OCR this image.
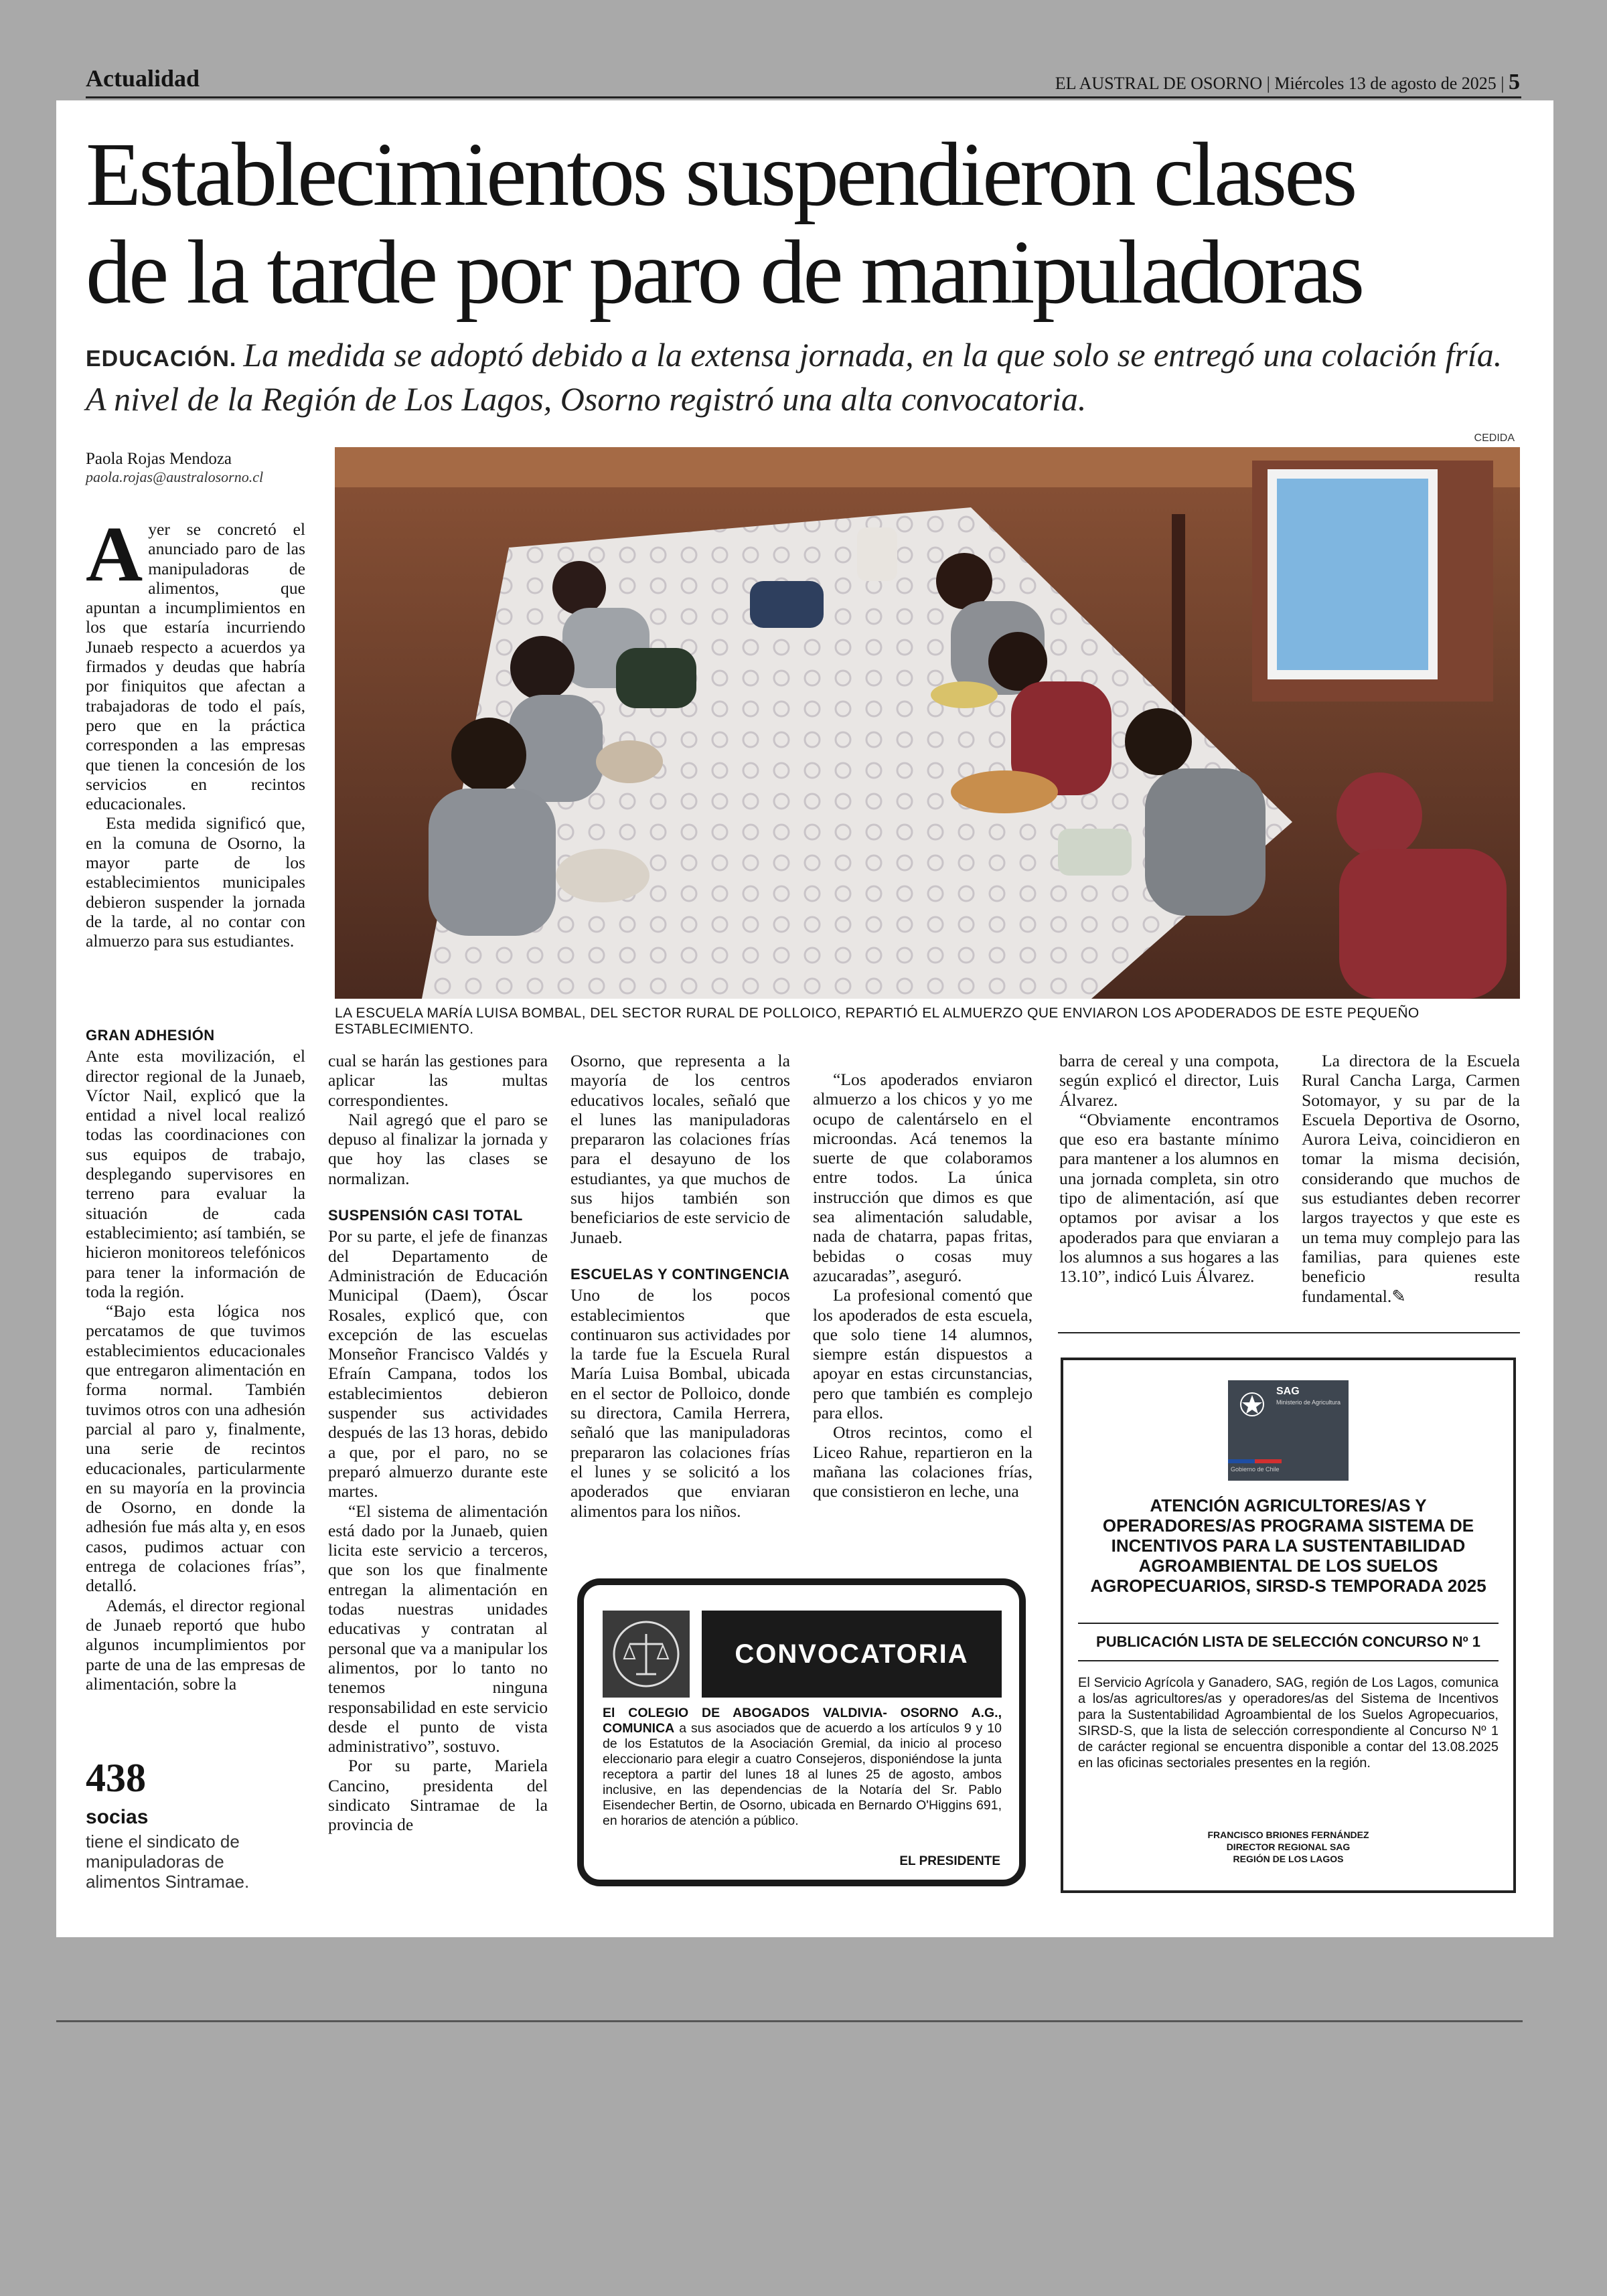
Actualidad	EL AUSTRAL DE OSORNO | Miércoles 13 de agosto de 2025 | 5
Establecimientos suspendieron clases
de la tarde por paro de manipuladoras
EDUCACIÓN. La medida se adoptó debido a la extensa jornada, en la que solo se entregó una colación fría. A nivel de la Región de Los Lagos, Osorno registró una alta convocatoria.
Paola Rojas Mendoza
paola.rojas@australosorno.cl
CEDIDA
LA ESCUELA MARÍA LUISA BOMBAL, DEL SECTOR RURAL DE POLLOICO, REPARTIÓ EL ALMUERZO QUE ENVIARON LOS APODERADOS DE ESTE PEQUEÑO ESTABLECIMIENTO.

Ayer se concretó el anunciado paro de las manipuladoras de alimentos, que apuntan a incumplimientos en los que estaría incurriendo Junaeb respecto a acuerdos ya firmados y deudas que habría por finiquitos que afectan a trabajadoras de todo el país, pero que en la práctica corresponden a las empresas que tienen la concesión de los servicios en recintos educacionales.

Esta medida significó que, en la comuna de Osorno, la mayor parte de los establecimientos municipales debieron suspender la jornada de la tarde, al no contar con almuerzo para sus estudiantes.

GRAN ADHESIÓN

Ante esta movilización, el director regional de la Junaeb, Víctor Nail, explicó que la entidad a nivel local realizó todas las coordinaciones con sus equipos de trabajo, desplegando supervisores en terreno para evaluar la situación de cada establecimiento; así también, se hicieron monitoreos telefónicos para tener la información de toda la región.

“Bajo esta lógica nos percatamos de que tuvimos establecimientos educacionales que entregaron alimentación en forma normal. También tuvimos otros con una adhesión parcial al paro y, finalmente, una serie de recintos educacionales, particularmente en su mayoría en la provincia de Osorno, en donde la adhesión fue más alta y, en esos casos, pudimos actuar con entrega de colaciones frías”, detalló.

Además, el director regional de Junaeb reportó que hubo algunos incumplimientos por parte de una de las empresas de alimentación, sobre la

438
socias
tiene el sindicato de manipuladoras de alimentos Sintramae.

cual se harán las gestiones para aplicar las multas correspondientes.

Nail agregó que el paro se depuso al finalizar la jornada y que hoy las clases se normalizan.

SUSPENSIÓN CASI TOTAL

Por su parte, el jefe de finanzas del Departamento de Administración de Educación Municipal (Daem), Óscar Rosales, explicó que, con excepción de las escuelas Monseñor Francisco Valdés y Efraín Campana, todos los establecimientos debieron suspender sus actividades después de las 13 horas, debido a que, por el paro, no se preparó almuerzo durante este martes.

“El sistema de alimentación está dado por la Junaeb, quien licita este servicio a terceros, que son los que finalmente entregan la alimentación en todas nuestras unidades educativas y contratan al personal que va a manipular los alimentos, por lo tanto no tenemos ninguna responsabilidad en este servicio desde el punto de vista administrativo”, sostuvo.

Por su parte, Mariela Cancino, presidenta del sindicato Sintramae de la provincia de

Osorno, que representa a la mayoría de los centros educativos locales, señaló que el lunes las manipuladoras prepararon las colaciones frías para el desayuno de los estudiantes, ya que muchos de sus hijos también son beneficiarios de este servicio de Junaeb.

ESCUELAS Y CONTINGENCIA

Uno de los pocos establecimientos que continuaron sus actividades por la tarde fue la Escuela Rural María Luisa Bombal, ubicada en el sector de Polloico, donde su directora, Camila Herrera, señaló que las manipuladoras prepararon las colaciones frías el lunes y se solicitó a los apoderados que enviaran alimentos para los niños.

“Los apoderados enviaron almuerzo a los chicos y yo me ocupo de calentárselo en el microondas. Acá tenemos la suerte de que colaboramos entre todos. La única instrucción que dimos es que sea alimentación saludable, nada de chatarra, papas fritas, bebidas o cosas muy azucaradas”, aseguró.

La profesional comentó que los apoderados de esta escuela, que solo tiene 14 alumnos, siempre están dispuestos a apoyar en estas circunstancias, pero que también es complejo para ellos.

Otros recintos, como el Liceo Rahue, repartieron en la mañana las colaciones frías, que consistieron en leche, una

barra de cereal y una compota, según explicó el director, Luis Álvarez.

“Obviamente encontramos que eso era bastante mínimo para mantener a los alumnos en una jornada completa, sin otro tipo de alimentación, así que optamos por avisar a los apoderados para que enviaran a los alumnos a sus hogares a las 13.10”, indicó Luis Álvarez.

La directora de la Escuela Rural Cancha Larga, Carmen Sotomayor, y su par de la Escuela Deportiva de Osorno, Aurora Leiva, coincidieron en tomar la misma decisión, considerando que muchos de sus estudiantes deben recorrer largos trayectos y que este es un tema muy complejo para las familias, para quienes este beneficio resulta fundamental.✎

CONVOCATORIA
El COLEGIO DE ABOGADOS VALDIVIA- OSORNO A.G., COMUNICA a sus asociados que de acuerdo a los artículos 9 y 10 de los Estatutos de la Asociación Gremial, da inicio al proceso eleccionario para elegir a cuatro Consejeros, disponiéndose la junta receptora a partir del lunes 18 al lunes 25 de agosto, ambos inclusive, en las dependencias de la Notaría del Sr. Pablo Eisendecher Bertin, de Osorno, ubicada en Bernardo O'Higgins 691, en horarios de atención a público.
EL PRESIDENTE
SAG
Ministerio de Agricultura
Gobierno de Chile
ATENCIÓN AGRICULTORES/AS Y OPERADORES/AS PROGRAMA SISTEMA DE INCENTIVOS PARA LA SUSTENTABILIDAD AGROAMBIENTAL DE LOS SUELOS AGROPECUARIOS, SIRSD-S TEMPORADA 2025
PUBLICACIÓN LISTA DE SELECCIÓN CONCURSO Nº 1
El Servicio Agrícola y Ganadero, SAG, región de Los Lagos, comunica a los/as agricultores/as y operadores/as del Sistema de Incentivos para la Sustentabilidad Agroambiental de los Suelos Agropecuarios, SIRSD-S, que la lista de selección correspondiente al Concurso Nº 1 de carácter regional se encuentra disponible a contar del 13.08.2025 en las oficinas sectoriales presentes en la región.
FRANCISCO BRIONES FERNÁNDEZ
DIRECTOR REGIONAL SAG
REGIÓN DE LOS LAGOS
